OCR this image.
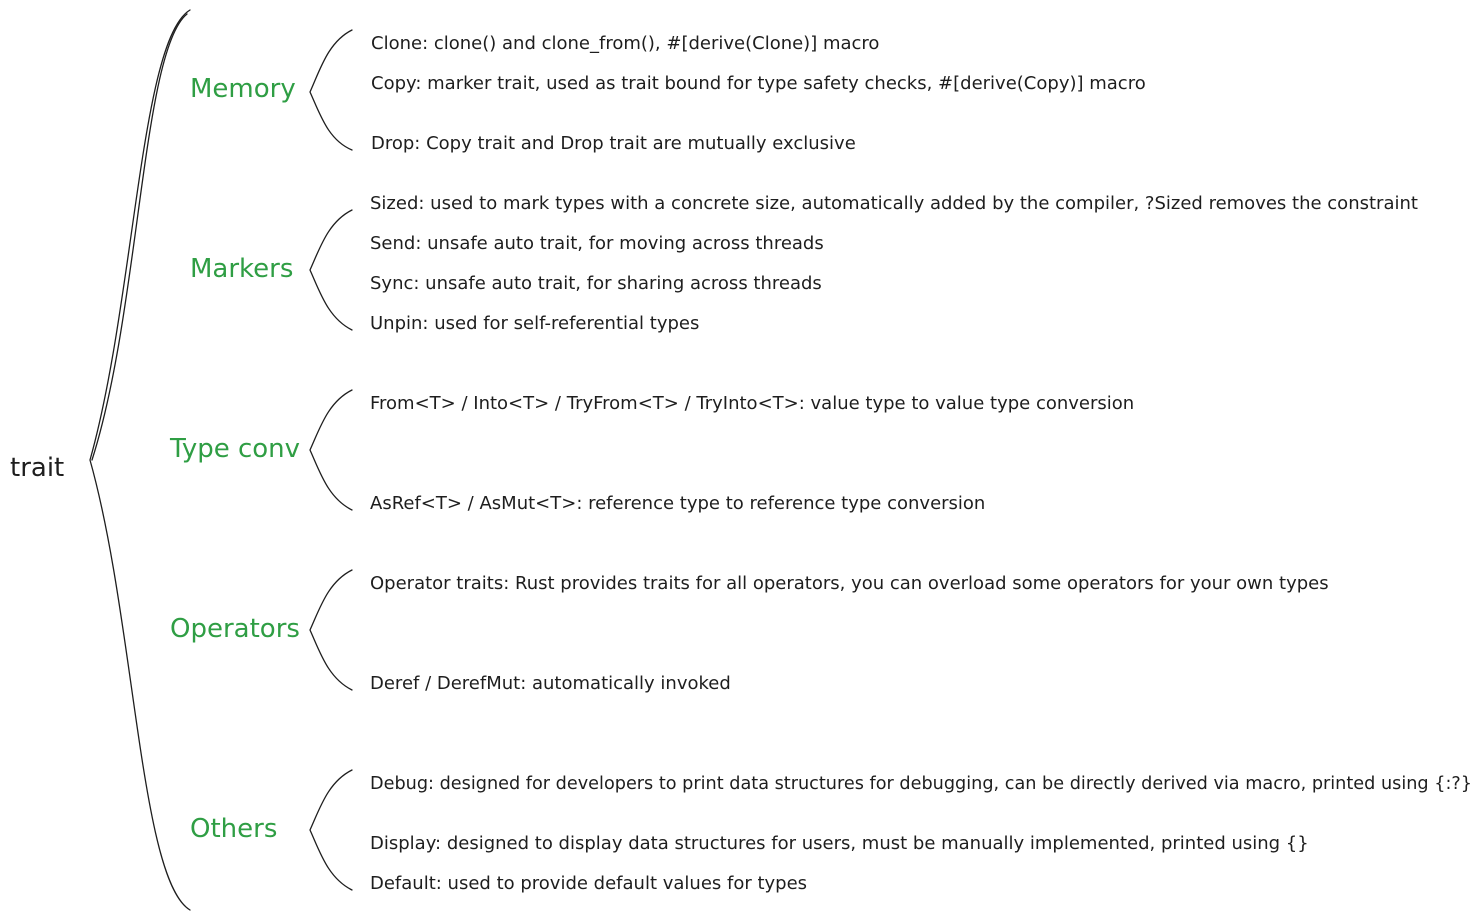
trait
Memory
Clone: clone() and clone_from(), #[derive(Clone)] macro
Copy: marker trait, used as trait bound for type safety checks, #[derive(Copy)] macro
Drop: Copy trait and Drop trait are mutually exclusive
Markers
Sized: used to mark types with a concrete size, automatically added by the compiler, ?Sized removes the constraint
Send: unsafe auto trait, for moving across threads
Sync: unsafe auto trait, for sharing across threads
Unpin: used for self-referential types
Type conv
From<T> / Into<T> / TryFrom<T> / TryInto<T>: value type to value type conversion
AsRef<T> / AsMut<T>: reference type to reference type conversion
Operators
Operator traits: Rust provides traits for all operators, you can overload some operators for your own types
Deref / DerefMut: automatically invoked
Others
Debug: designed for developers to print data structures for debugging, can be directly derived via macro, printed using {:?}
Display: designed to display data structures for users, must be manually implemented, printed using {}
Default: used to provide default values for types
